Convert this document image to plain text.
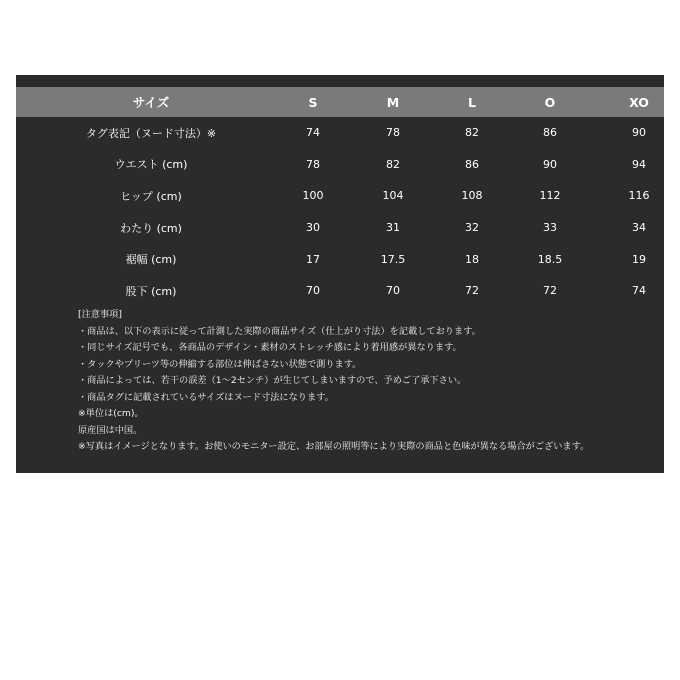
サイズ	S	M	L	O	XO
タグ表記（ヌード寸法）※	74	78	82	86	90
ウエスト (cm)	78	82	86	90	94
ヒップ (cm)	100	104	108	112	116
わたり (cm)	30	31	32	33	34
裾幅 (cm)	17	17.5	18	18.5	19
股下 (cm)	70	70	72	72	74
[注意事項]
・商品は、以下の表示に従って計測した実際の商品サイズ（仕上がり寸法）を記載しております。
・同じサイズ記号でも、各商品のデザイン・素材のストレッチ感により着用感が異なります。
・タックやプリーツ等の伸縮する部位は伸ばさない状態で測ります。
・商品によっては、若干の誤差（1〜2センチ）が生じてしまいますので、予めご了承下さい。
・商品タグに記載されているサイズはヌード寸法になります。
※単位は(cm)。
原産国は中国。
※写真はイメージとなります。お使いのモニター設定、お部屋の照明等により実際の商品と色味が異なる場合がございます。
